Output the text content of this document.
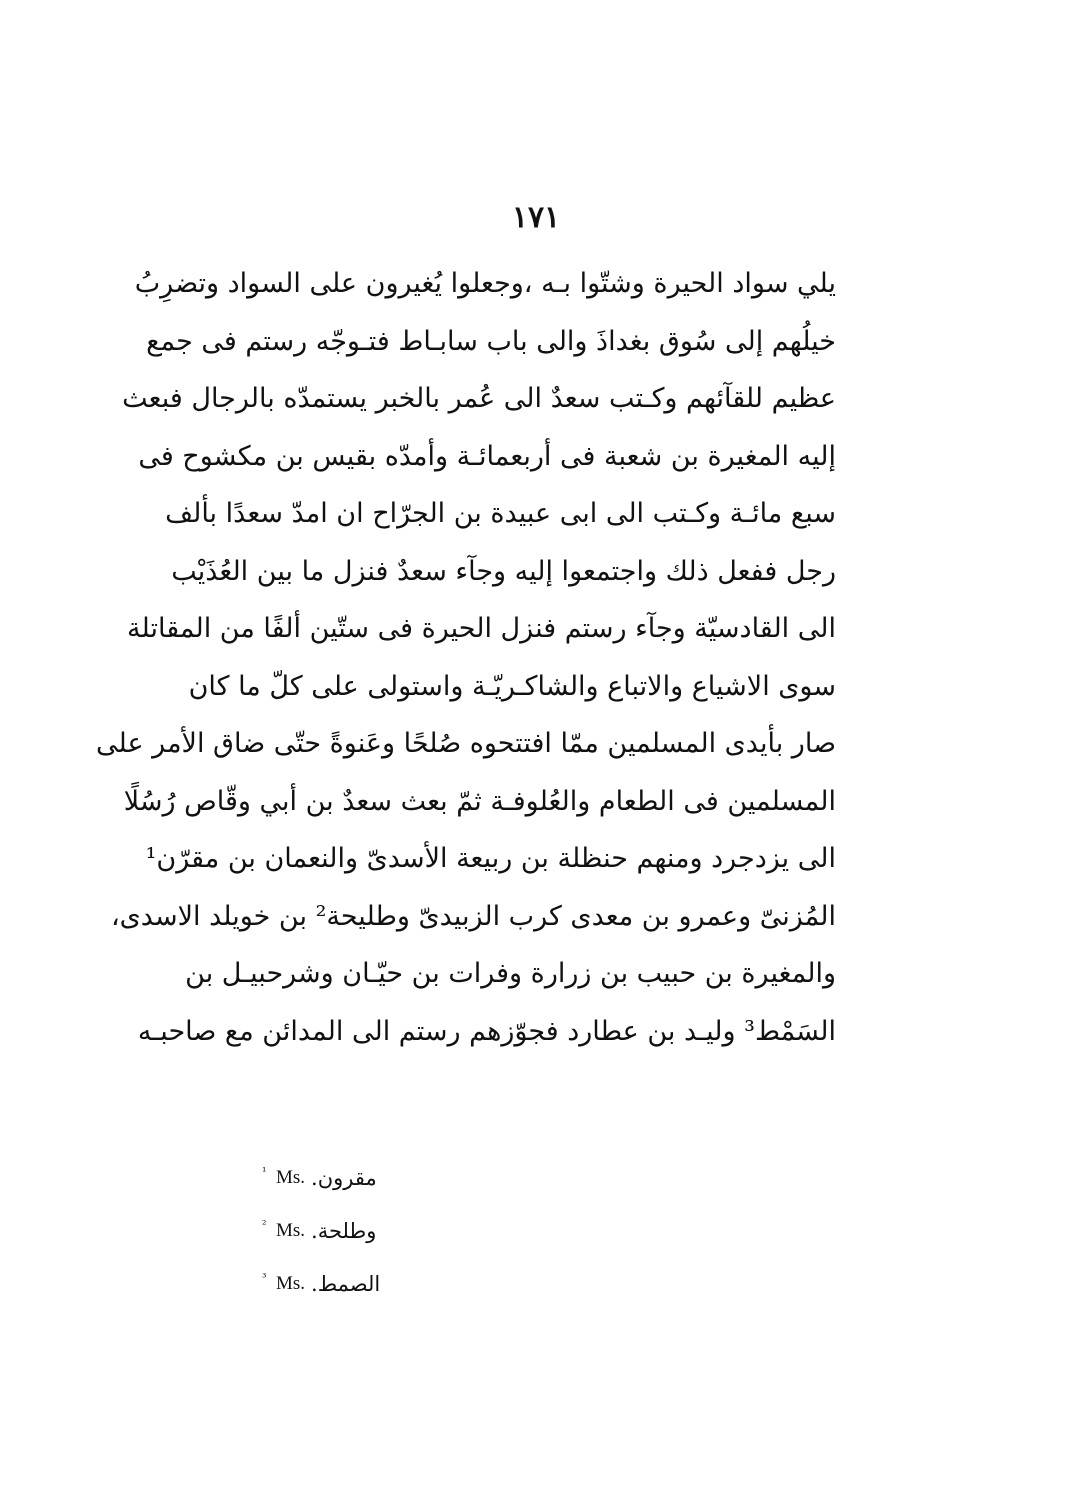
١٧١
يلي سواد الحيرة وشتّوا بـه ،وجعلوا يُغيرون على السواد وتضرِبُ
خيلُهم إلى سُوق بغداذَ والى باب سابـاط فتـوجّه رستم فى جمع
عظيم للقآئهم وكـتب سعدٌ الى عُمر بالخبر يستمدّه بالرجال فبعث
إليه المغيرة بن شعبة فى أربعمائـة وأمدّه بقيس بن مكشوح فى
سبع مائـة وكـتب الى ابى عبيدة بن الجرّاح ان امدّ سعدًا بألف
رجل ففعل ذلك واجتمعوا إليه وجآء سعدٌ فنزل ما بين العُذَيْب
الى القادسيّة وجآء رستم فنزل الحيرة فى ستّين ألفًا من المقاتلة
سوى الاشياع والاتباع والشاكـريّـة واستولى على كلّ ما كان
صار بأيدى المسلمين ممّا افتتحوه صُلحًا وعَنوةً حتّى ضاق الأمر على
المسلمين فى الطعام والعُلوفـة ثمّ بعث سعدٌ بن أبي وقّاص رُسُلًا
الى يزدجرد ومنهم حنظلة بن ربيعة الأسدىّ والنعمان بن مقرّن¹
المُزنىّ وعمرو بن معدى كرب الزبيدىّ وطليحة² بن خويلد الاسدى،
والمغيرة بن حبيب بن زرارة وفرات بن حيّـان وشرحبيـل بن
السَمْط³ وليـد بن عطارد فجوّزهم رستم الى المدائن مع صاحبـه
¹ Ms. مقرون.
² Ms. وطلحة.
³ Ms. الصمط.
